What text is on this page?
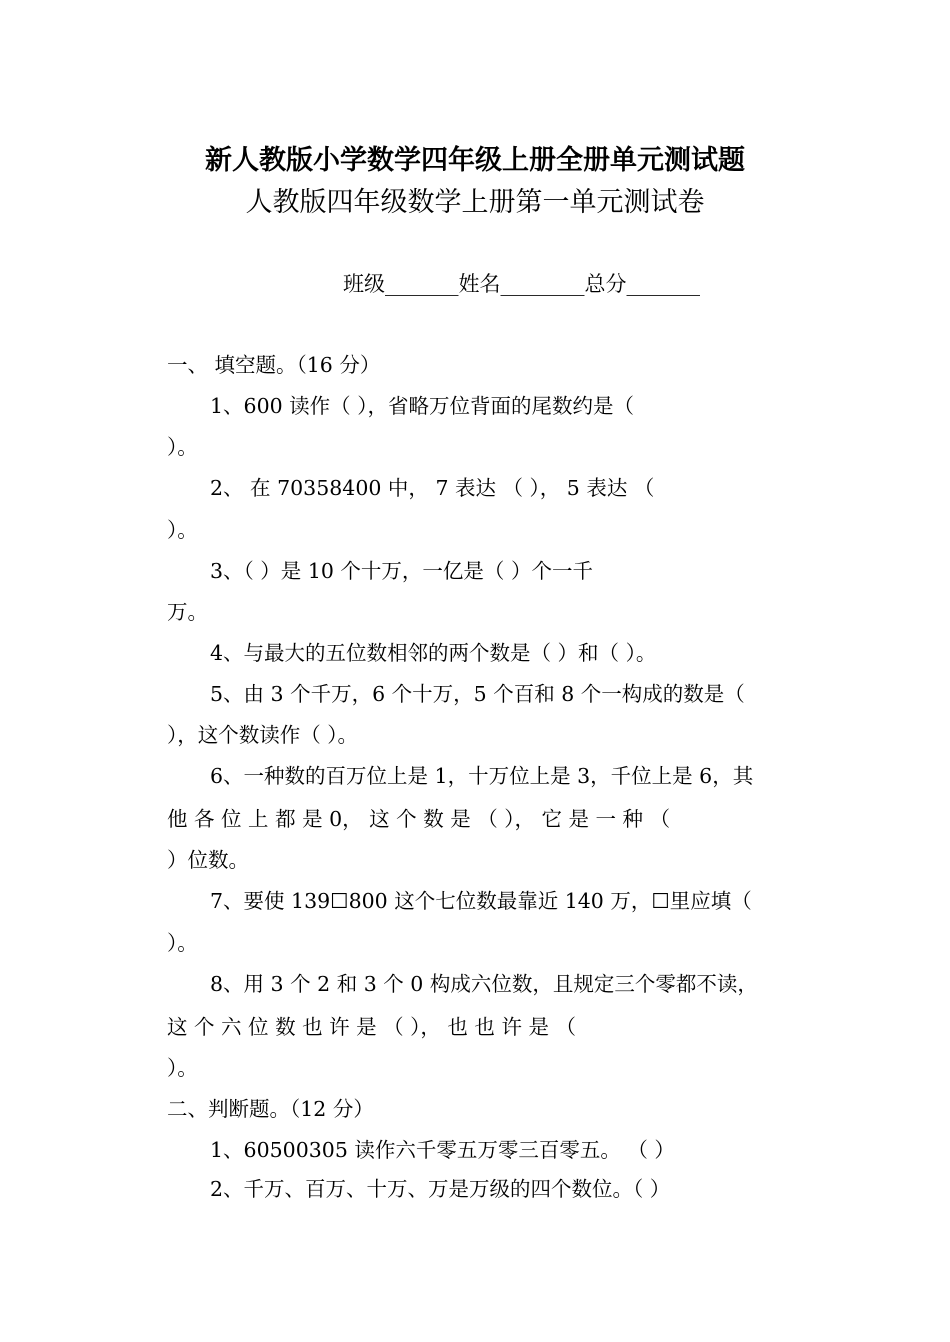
新人教版小学数学四年级上册全册单元测试题
人教版四年级数学上册第一单元测试卷
班级_______姓名________总分_______
一、 填空题。（16 分）
1、600 读作（ ），省略万位背面的尾数约是（
）。
2、 在 70358400 中， 7 表达 （ ）， 5 表达 （
）。
3、（ ）是 10 个十万，一亿是（ ）个一千
万。
4、与最大的五位数相邻的两个数是（ ）和（ ）。
5、由 3 个千万，6 个十万，5 个百和 8 个一构成的数是（
），这个数读作（ ）。
6、一种数的百万位上是 1，十万位上是 3，千位上是 6，其
他 各 位 上 都 是 0， 这 个 数 是 （ ）， 它 是 一 种 （
）位数。
7、要使 139☐800 这个七位数最靠近 140 万，☐里应填（
）。
8、用 3 个 2 和 3 个 0 构成六位数，且规定三个零都不读，
这 个 六 位 数 也 许 是 （ ）， 也 也 许 是 （
）。
二、判断题。（12 分）
1、60500305 读作六千零五万零三百零五。 （ ）
2、千万、百万、十万、万是万级的四个数位。（ ）
